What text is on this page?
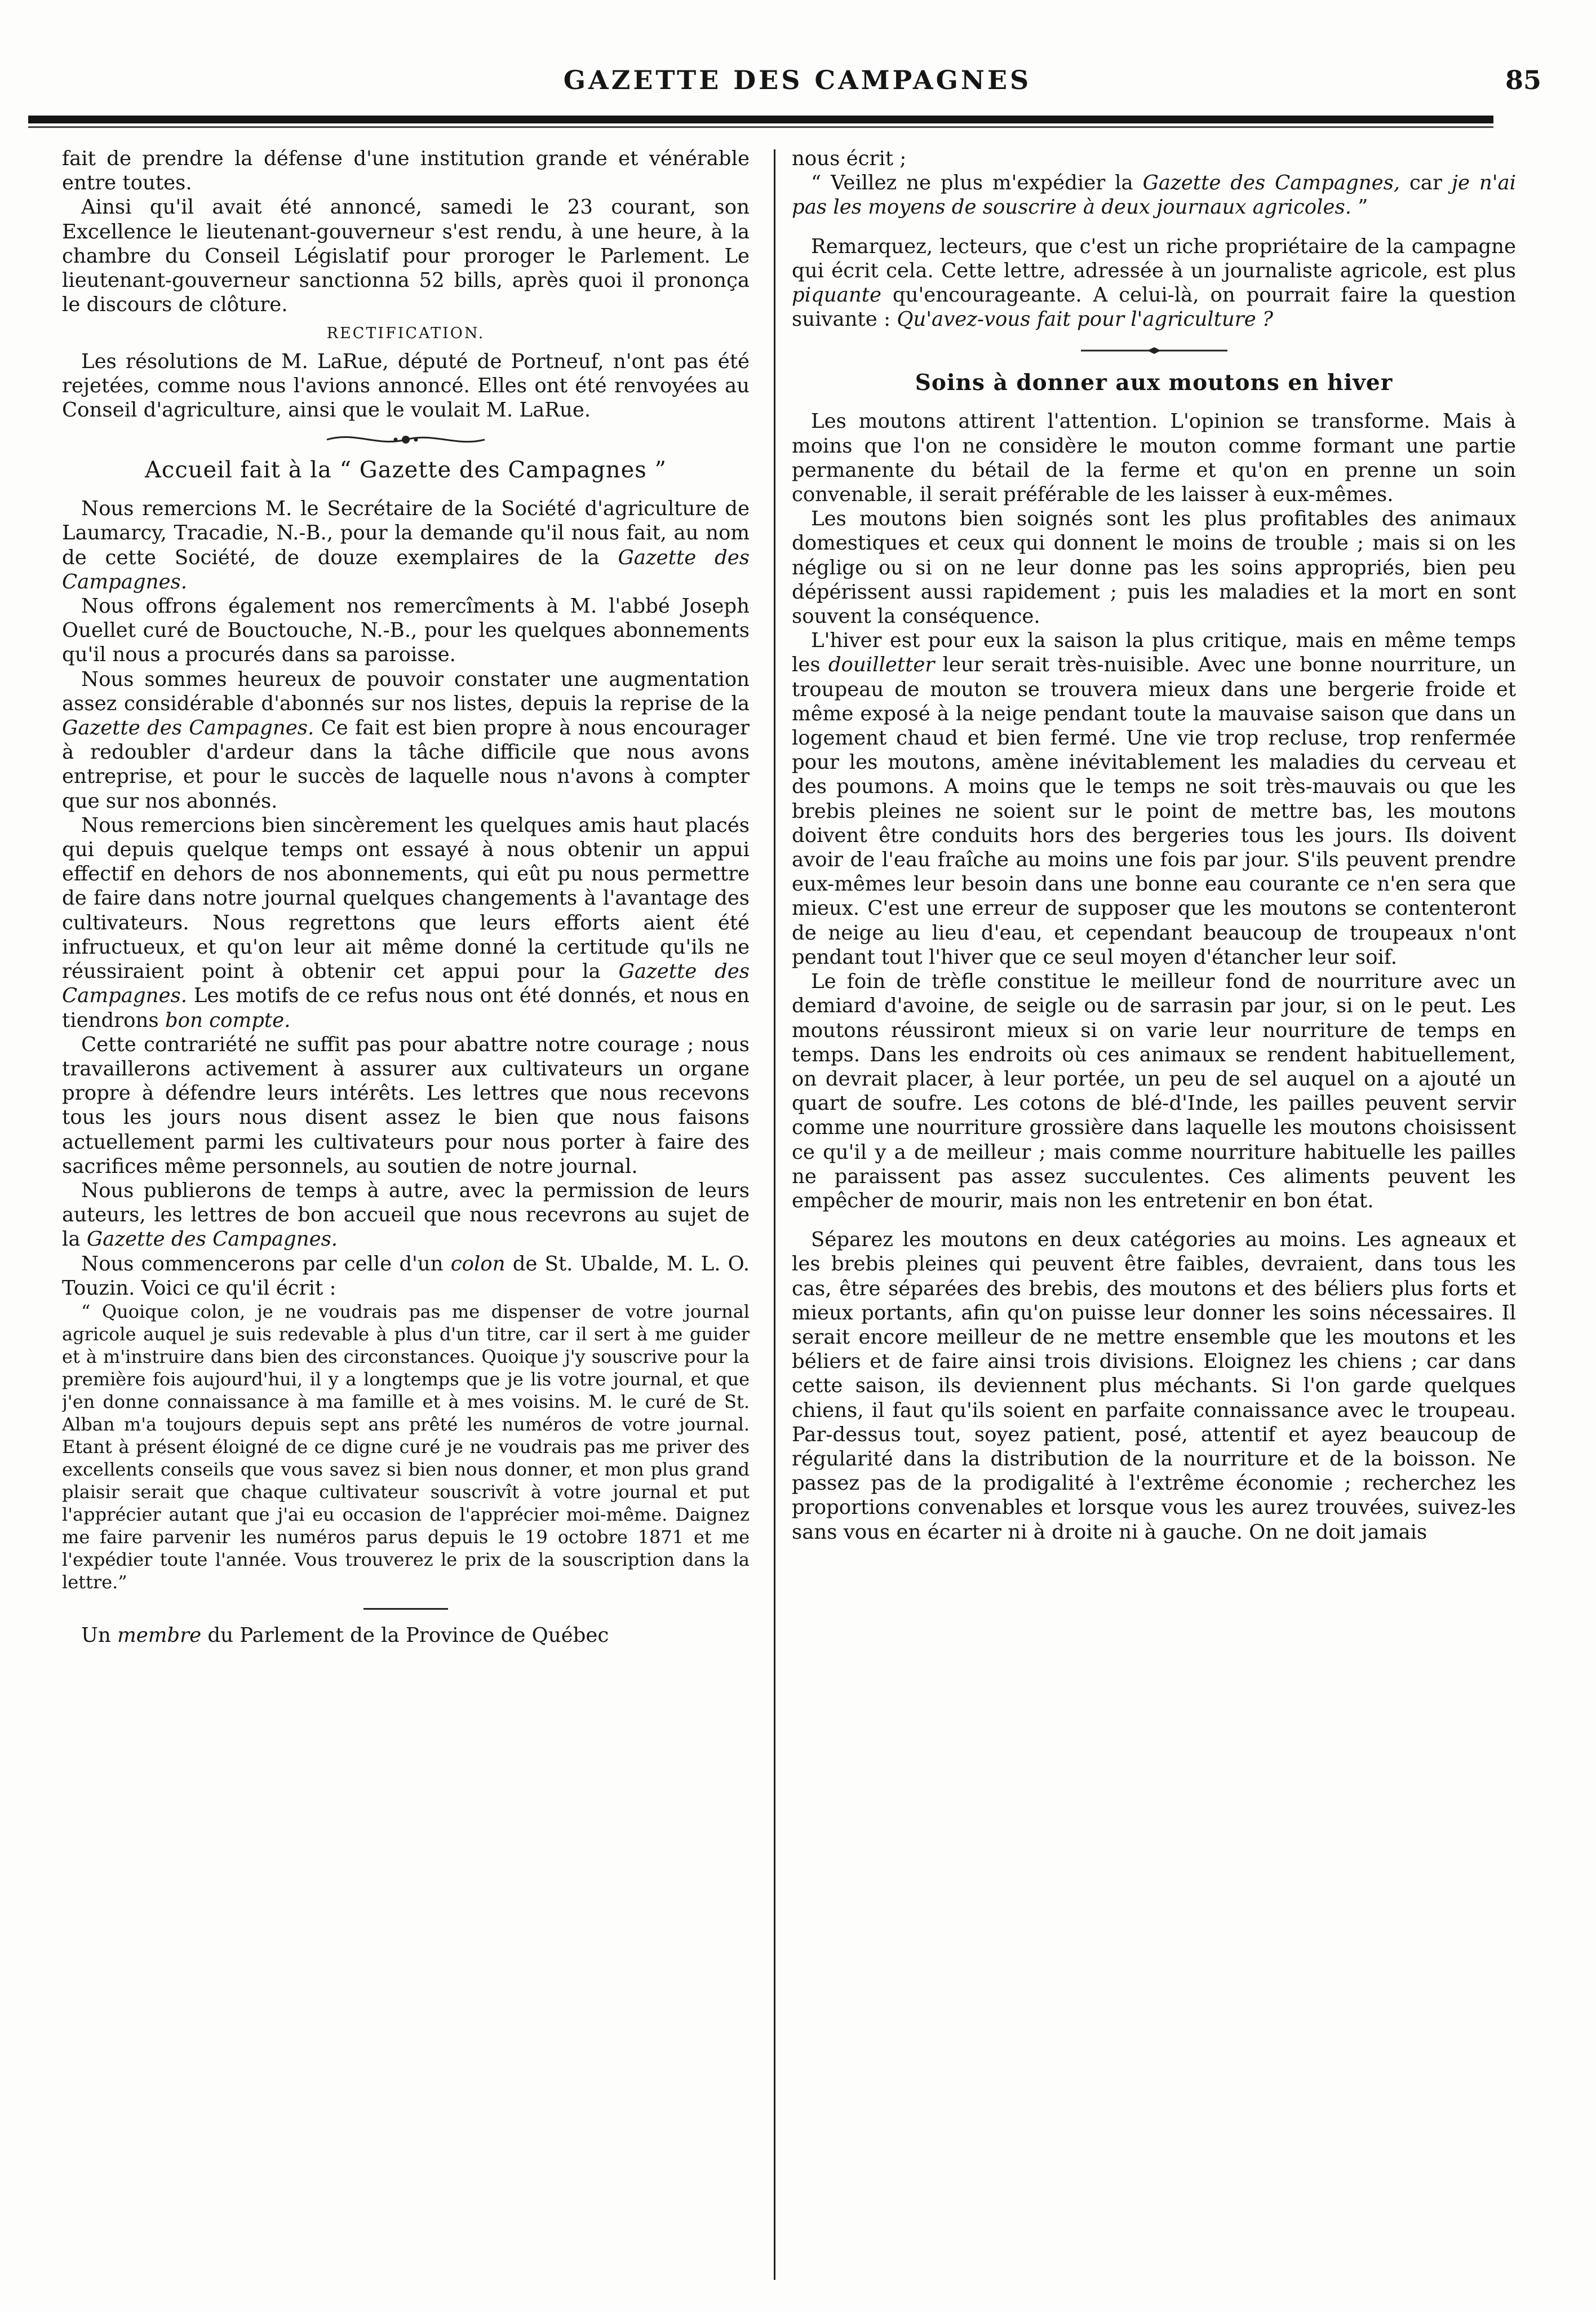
GAZETTE DES CAMPAGNES	85

fait de prendre la défense d'une institution grande et vénérable entre toutes.

Ainsi qu'il avait été annoncé, samedi le 23 courant, son Excellence le lieutenant-gouverneur s'est rendu, à une heure, à la chambre du Conseil Législatif pour proroger le Parlement. Le lieutenant-gouverneur sanctionna 52 bills, après quoi il prononça le discours de clôture.

RECTIFICATION.

Les résolutions de M. LaRue, député de Portneuf, n'ont pas été rejetées, comme nous l'avions annoncé. Elles ont été renvoyées au Conseil d'agriculture, ainsi que le voulait M. LaRue.

Accueil fait à la “ Gazette des Campagnes ”

Nous remercions M. le Secrétaire de la Société d'agriculture de Laumarcy, Tracadie, N.-B., pour la demande qu'il nous fait, au nom de cette Société, de douze exemplaires de la Gazette des Campagnes.

Nous offrons également nos remercîments à M. l'abbé Joseph Ouellet curé de Bouctouche, N.-B., pour les quelques abonnements qu'il nous a procurés dans sa paroisse.

Nous sommes heureux de pouvoir constater une augmentation assez considérable d'abonnés sur nos listes, depuis la reprise de la Gazette des Campagnes. Ce fait est bien propre à nous encourager à redoubler d'ardeur dans la tâche difficile que nous avons entreprise, et pour le succès de laquelle nous n'avons à compter que sur nos abonnés.

Nous remercions bien sincèrement les quelques amis haut placés qui depuis quelque temps ont essayé à nous obtenir un appui effectif en dehors de nos abonnements, qui eût pu nous permettre de faire dans notre journal quelques changements à l'avantage des cultivateurs. Nous regrettons que leurs efforts aient été infructueux, et qu'on leur ait même donné la certitude qu'ils ne réussiraient point à obtenir cet appui pour la Gazette des Campagnes. Les motifs de ce refus nous ont été donnés, et nous en tiendrons bon compte.

Cette contrariété ne suffit pas pour abattre notre courage ; nous travaillerons activement à assurer aux cultivateurs un organe propre à défendre leurs intérêts. Les lettres que nous recevons tous les jours nous disent assez le bien que nous faisons actuellement parmi les cultivateurs pour nous porter à faire des sacrifices même personnels, au soutien de notre journal.

Nous publierons de temps à autre, avec la permission de leurs auteurs, les lettres de bon accueil que nous recevrons au sujet de la Gazette des Campagnes.

Nous commencerons par celle d'un colon de St. Ubalde, M. L. O. Touzin. Voici ce qu'il écrit :

“ Quoique colon, je ne voudrais pas me dispenser de votre journal agricole auquel je suis redevable à plus d'un titre, car il sert à me guider et à m'instruire dans bien des circonstances. Quoique j'y souscrive pour la première fois aujourd'hui, il y a longtemps que je lis votre journal, et que j'en donne connaissance à ma famille et à mes voisins. M. le curé de St. Alban m'a toujours depuis sept ans prêté les numéros de votre journal. Etant à présent éloigné de ce digne curé je ne voudrais pas me priver des excellents conseils que vous savez si bien nous donner, et mon plus grand plaisir serait que chaque cultivateur souscrivît à votre journal et put l'apprécier autant que j'ai eu occasion de l'apprécier moi-même. Daignez me faire parvenir les numéros parus depuis le 19 octobre 1871 et me l'expédier toute l'année. Vous trouverez le prix de la souscription dans la lettre.”

Un membre du Parlement de la Province de Québec

nous écrit ;

“ Veillez ne plus m'expédier la Gazette des Campagnes, car je n'ai pas les moyens de souscrire à deux journaux agricoles. ”

Remarquez, lecteurs, que c'est un riche propriétaire de la campagne qui écrit cela. Cette lettre, adressée à un journaliste agricole, est plus piquante qu'encourageante. A celui-là, on pourrait faire la question suivante : Qu'avez-vous fait pour l'agriculture ?

Soins à donner aux moutons en hiver

Les moutons attirent l'attention. L'opinion se transforme. Mais à moins que l'on ne considère le mouton comme formant une partie permanente du bétail de la ferme et qu'on en prenne un soin convenable, il serait préférable de les laisser à eux-mêmes.

Les moutons bien soignés sont les plus profitables des animaux domestiques et ceux qui donnent le moins de trouble ; mais si on les néglige ou si on ne leur donne pas les soins appropriés, bien peu dépérissent aussi rapidement ; puis les maladies et la mort en sont souvent la conséquence.

L'hiver est pour eux la saison la plus critique, mais en même temps les douilletter leur serait très-nuisible. Avec une bonne nourriture, un troupeau de mouton se trouvera mieux dans une bergerie froide et même exposé à la neige pendant toute la mauvaise saison que dans un logement chaud et bien fermé. Une vie trop recluse, trop renfermée pour les moutons, amène inévitablement les maladies du cerveau et des poumons. A moins que le temps ne soit très-mauvais ou que les brebis pleines ne soient sur le point de mettre bas, les moutons doivent être conduits hors des bergeries tous les jours. Ils doivent avoir de l'eau fraîche au moins une fois par jour. S'ils peuvent prendre eux-mêmes leur besoin dans une bonne eau courante ce n'en sera que mieux. C'est une erreur de supposer que les moutons se contenteront de neige au lieu d'eau, et cependant beaucoup de troupeaux n'ont pendant tout l'hiver que ce seul moyen d'étancher leur soif.

Le foin de trèfle constitue le meilleur fond de nourriture avec un demiard d'avoine, de seigle ou de sarrasin par jour, si on le peut. Les moutons réussiront mieux si on varie leur nourriture de temps en temps. Dans les endroits où ces animaux se rendent habituellement, on devrait placer, à leur portée, un peu de sel auquel on a ajouté un quart de soufre. Les cotons de blé-d'Inde, les pailles peuvent servir comme une nourriture grossière dans laquelle les moutons choisissent ce qu'il y a de meilleur ; mais comme nourriture habituelle les pailles ne paraissent pas assez succulentes. Ces aliments peuvent les empêcher de mourir, mais non les entretenir en bon état.

Séparez les moutons en deux catégories au moins. Les agneaux et les brebis pleines qui peuvent être faibles, devraient, dans tous les cas, être séparées des brebis, des moutons et des béliers plus forts et mieux portants, afin qu'on puisse leur donner les soins nécessaires. Il serait encore meilleur de ne mettre ensemble que les moutons et les béliers et de faire ainsi trois divisions. Eloignez les chiens ; car dans cette saison, ils deviennent plus méchants. Si l'on garde quelques chiens, il faut qu'ils soient en parfaite connaissance avec le troupeau. Par-dessus tout, soyez patient, posé, attentif et ayez beaucoup de régularité dans la distribution de la nourriture et de la boisson. Ne passez pas de la prodigalité à l'extrême économie ; recherchez les proportions convenables et lorsque vous les aurez trouvées, suivez-les sans vous en écarter ni à droite ni à gauche. On ne doit jamais
